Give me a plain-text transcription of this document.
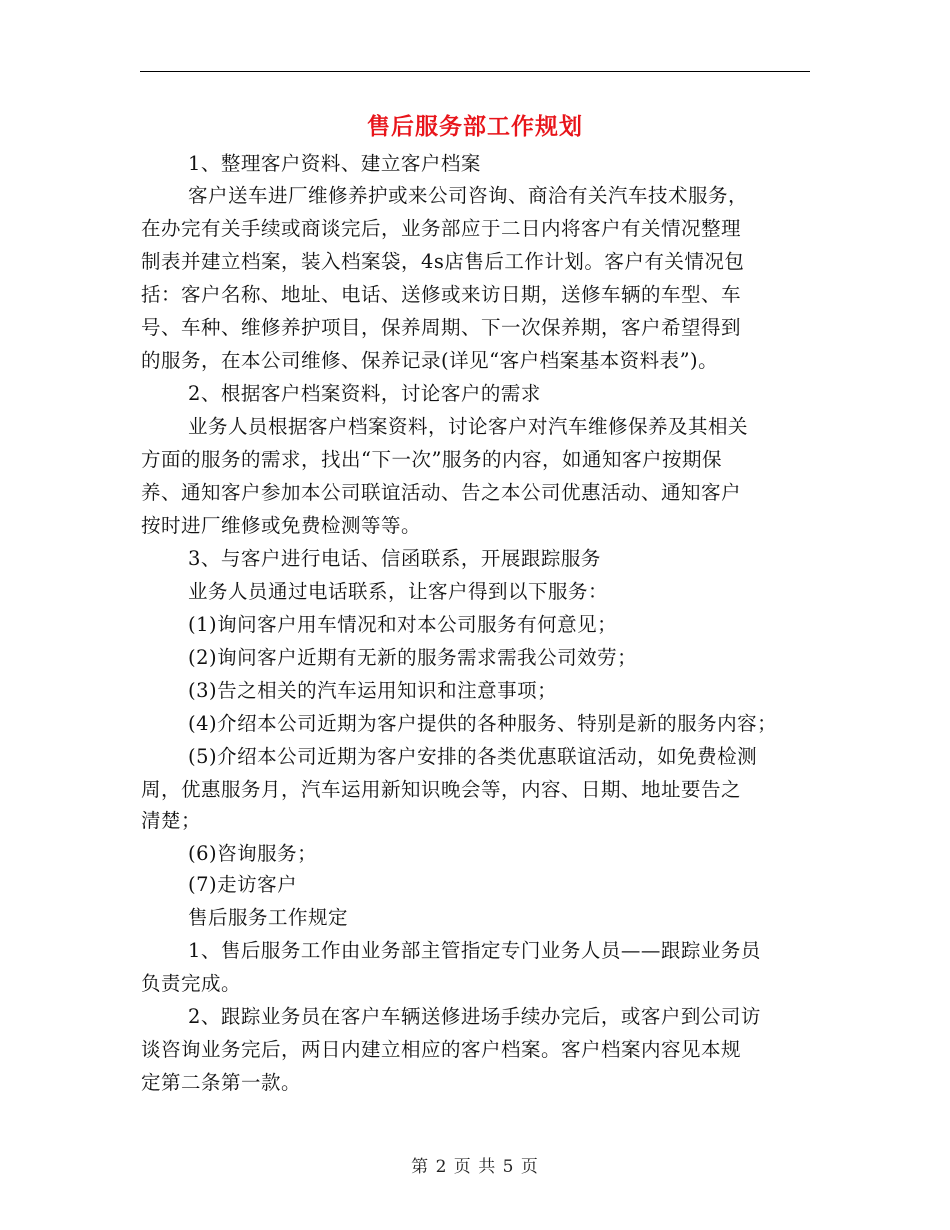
售后服务部工作规划
1、整理客户资料、建立客户档案
客户送车进厂维修养护或来公司咨询、商洽有关汽车技术服务，
在办完有关手续或商谈完后，业务部应于二日内将客户有关情况整理
制表并建立档案，装入档案袋，4s店售后工作计划。客户有关情况包
括：客户名称、地址、电话、送修或来访日期，送修车辆的车型、车
号、车种、维修养护项目，保养周期、下一次保养期，客户希望得到
的服务，在本公司维修、保养记录(详见“客户档案基本资料表”)。
2、根据客户档案资料，讨论客户的需求
业务人员根据客户档案资料，讨论客户对汽车维修保养及其相关
方面的服务的需求，找出“下一次”服务的内容，如通知客户按期保
养、通知客户参加本公司联谊活动、告之本公司优惠活动、通知客户
按时进厂维修或免费检测等等。
3、与客户进行电话、信函联系，开展跟踪服务
业务人员通过电话联系，让客户得到以下服务：
(1)询问客户用车情况和对本公司服务有何意见；
(2)询问客户近期有无新的服务需求需我公司效劳；
(3)告之相关的汽车运用知识和注意事项；
(4)介绍本公司近期为客户提供的各种服务、特别是新的服务内容；
(5)介绍本公司近期为客户安排的各类优惠联谊活动，如免费检测
周，优惠服务月，汽车运用新知识晚会等，内容、日期、地址要告之
清楚；
(6)咨询服务；
(7)走访客户
售后服务工作规定
1、售后服务工作由业务部主管指定专门业务人员——跟踪业务员
负责完成。
2、跟踪业务员在客户车辆送修进场手续办完后，或客户到公司访
谈咨询业务完后，两日内建立相应的客户档案。客户档案内容见本规
定第二条第一款。
第 2 页 共 5 页
